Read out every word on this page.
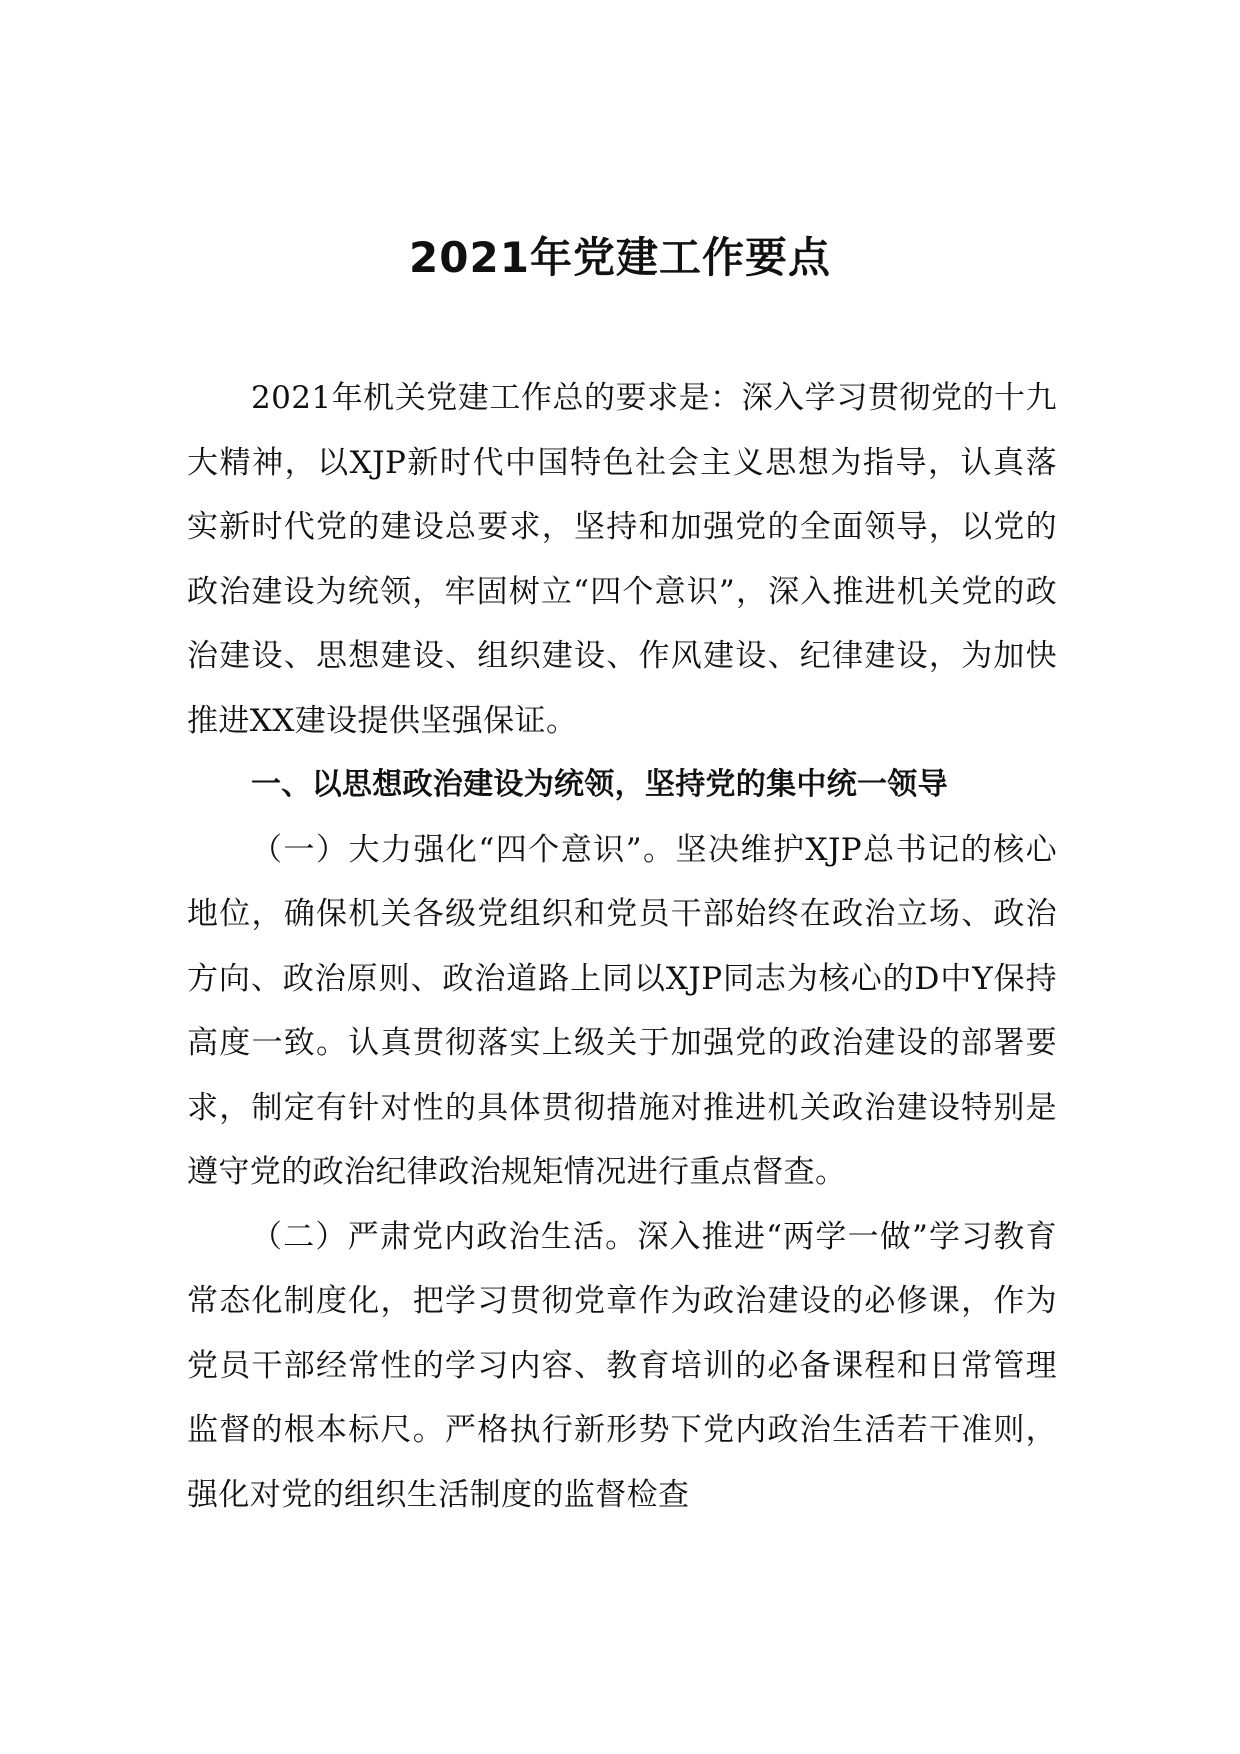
2021年党建工作要点

2021年机关党建工作总的要求是：深入学习贯彻党的十九大精神，以XJP新时代中国特色社会主义思想为指导，认真落实新时代党的建设总要求，坚持和加强党的全面领导，以党的政治建设为统领，牢固树立“四个意识”，深入推进机关党的政治建设、思想建设、组织建设、作风建设、纪律建设，为加快推进XX建设提供坚强保证。

一、以思想政治建设为统领，坚持党的集中统一领导

（一）大力强化“四个意识”。坚决维护XJP总书记的核心地位，确保机关各级党组织和党员干部始终在政治立场、政治方向、政治原则、政治道路上同以XJP同志为核心的D中Y保持高度一致。认真贯彻落实上级关于加强党的政治建设的部署要求，制定有针对性的具体贯彻措施对推进机关政治建设特别是遵守党的政治纪律政治规矩情况进行重点督查。

（二）严肃党内政治生活。深入推进“两学一做”学习教育常态化制度化，把学习贯彻党章作为政治建设的必修课，作为党员干部经常性的学习内容、教育培训的必备课程和日常管理监督的根本标尺。严格执行新形势下党内政治生活若干准则，强化对党的组织生活制度的监督检查
